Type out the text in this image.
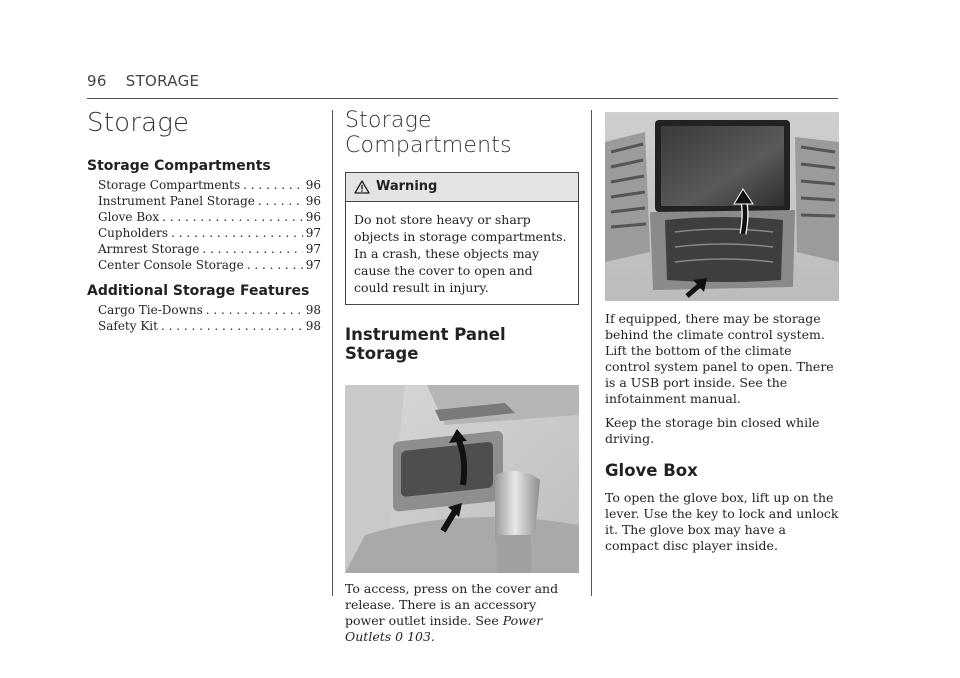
96 STORAGE
Storage
Storage Compartments
Storage Compartments . . .	96
Instrument Panel Storage . . .	96
Glove Box . . .	96
Cupholders . . .	97
Armrest Storage . . .	97
Center Console Storage . . .	97
Additional Storage Features
Cargo Tie-Downs . . .	98
Safety Kit . . .	98
Storage Compartments
Warning
Do not store heavy or sharp objects in storage compartments. In a crash, these objects may cause the cover to open and could result in injury.
Instrument Panel Storage

To access, press on the cover and release. There is an accessory power outlet inside. See Power Outlets 0 103.

If equipped, there may be storage behind the climate control system. Lift the bottom of the climate control system panel to open. There is a USB port inside. See the infotainment manual.

Keep the storage bin closed while driving.

Glove Box

To open the glove box, lift up on the lever. Use the key to lock and unlock it. The glove box may have a compact disc player inside.
